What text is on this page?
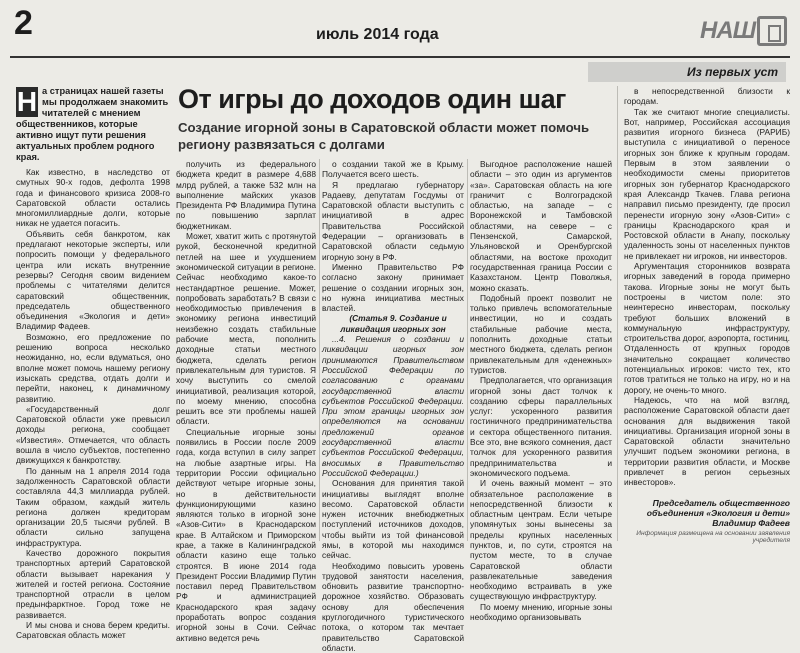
2	июль 2014 года	НАШ
Из первых уст
Н а страницах нашей газеты мы продолжаем знакомить читателей с мнением общественников, которые активно ищут пути решения актуальных проблем родного края.

Как известно, в наследство от смутных 90-х годов, дефолта 1998 года и финансового кризиса 2008-го Саратовской области остались многомиллиардные долги, которые никак не удается погасить.

Объявить себя банкротом, как предлагают некоторые эксперты, или попросить помощи у федерального центра или искать внутренние резервы? Сегодня своим видением проблемы с читателями делится саратовский общественник, председатель общественного объединения «Экология и дети» Владимир Фадеев.

Возможно, его предложение по решению вопроса несколько неожиданно, но, если вдуматься, оно вполне может помочь нашему региону изыскать средства, отдать долги и перейти, наконец, к динамичному развитию.

«Государственный долг Саратовской области уже превысил доходы региона, сообщает «Известия». Отмечается, что область вошла в число субъектов, постепенно движущихся к банкротству.

По данным на 1 апреля 2014 года задолженность Саратовской области составляла 44,3 миллиарда рублей. Таким образом, каждый житель региона должен кредиторам организации 20,5 тысячи рублей. В области сильно запущена инфраструктура.

Качество дорожного покрытия транспортных артерий Саратовской области вызывает нарекания у жителей и гостей региона. Состояние транспортной отрасли в целом предынфарктное. Город тоже не развивается.

И мы снова и снова берем кредиты. Саратовская область может

От игры до доходов один шаг
Создание игорной зоны в Саратовской области может помочь региону развязаться с долгами

получить из федерального бюджета кредит в размере 4,688 млрд рублей, а также 532 млн на выполнение майских указов Президента РФ Владимира Путина по повышению зарплат бюджетникам.

Может, хватит жить с протянутой рукой, бесконечной кредитной петлей на шее и ухудшением экономической ситуации в регионе. Сейчас необходимо какое-то нестандартное решение. Может, попробовать заработать? В связи с необходимостью привлечения в экономику региона инвестиций неизбежно создать стабильные рабочие места, пополнить доходные статьи местного бюджета, сделать регион привлекательным для туристов. Я хочу выступить со смелой инициативой, реализация которой, по моему мнению, способна решить все эти проблемы нашей области.

Специальные игорные зоны появились в России после 2009 года, когда вступил в силу запрет на любые азартные игры. На территории России официально действуют четыре игорные зоны, но в действительности функционирующими казино являются только в игорной зоне «Азов-Сити» в Краснодарском крае. В Алтайском и Приморском крае, а также в Калининградской области казино еще только строятся. В июне 2014 года Президент России Владимир Путин поставил перед Правительством РФ и администрацией Краснодарского края задачу проработать вопрос создания игорной зоны в Сочи. Сейчас активно ведется речь

о создании такой же в Крыму. Получается всего шесть.

Я предлагаю губернатору Радаеву, депутатам Госдумы от Саратовской области выступить с инициативой в адрес Правительства Российской Федерации – организовать в Саратовской области седьмую игорную зону в РФ.

Именно Правительство РФ согласно закону принимает решение о создании игорных зон, но нужна инициатива местных властей.

(Статья 9. Создание и ликвидация игорных зон

...4. Решения о создании и ликвидации игорных зон принимаются Правительством Российской Федерации по согласованию с органами государственной власти субъектов Российской Федерации. При этом границы игорных зон определяются на основании предложений органов государственной власти субъектов Российской Федерации, вносимых в Правительство Российской Федерации.)

Основания для принятия такой инициативы выглядят вполне весомо. Саратовской области нужен источник внебюджетных поступлений источников доходов, чтобы выйти из той финансовой ямы, в которой мы находимся сейчас.

Необходимо повысить уровень трудовой занятости населения, обновить развитие транспортно-дорожное хозяйство. Образовать основу для обеспечения круглогодичного туристического потока, о котором так мечтает правительство Саратовской области.

Выгодное расположение нашей области – это один из аргументов «за». Саратовская область на юге граничит с Волгоградской областью, на западе – с Воронежской и Тамбовской областями, на севере – с Пензенской, Самарской, Ульяновской и Оренбургской областями, на востоке проходит государственная граница России с Казахстаном. Центр Поволжья, можно сказать.

Подобный проект позволит не только привлечь вспомогательные инвестиции, но и создать стабильные рабочие места, пополнить доходные статьи местного бюджета, сделать регион привлекательным для «денежных» туристов.

Предполагается, что организация игорной зоны даст толчок к созданию сферы параллельных услуг: ускоренного развития гостиничного предпринимательства и сектора общественного питания. Все это, вне всякого сомнения, даст толчок для ускоренного развития предпринимательства и экономического подъема.

И очень важный момент – это обязательное расположение в непосредственной близости к областным центрам. Если четыре упомянутых зоны вынесены за пределы крупных населенных пунктов, и, по сути, строятся на пустом месте, то в случае Саратовской области развлекательные заведения необходимо встраивать в уже существующую инфраструктуру.

По моему мнению, игорные зоны необходимо организовывать

в непосредственной близости к городам.

Так же считают многие специалисты. Вот, например, Российская ассоциация развития игорного бизнеса (РАРИБ) выступила с инициативой о переносе игорных зон ближе к крупным городам. Первым в этом заявлении о необходимости смены приоритетов игорных зон губернатор Краснодарского края Александр Ткачев. Глава региона направил письмо президенту, где просил перенести игорную зону «Азов-Сити» с границы Краснодарского края и Ростовской области в Анапу, поскольку удаленность зоны от населенных пунктов не привлекает ни игроков, ни инвесторов.

Аргументация сторонников возврата игорных заведений в города примерно такова. Игорные зоны не могут быть построены в чистом поле: это неинтересно инвесторам, поскольку требуют больших вложений в коммунальную инфраструктуру, строительства дорог, аэропорта, гостиниц. Отдаленность от крупных городов значительно сокращает количество потенциальных игроков: чисто тех, кто готов тратиться не только на игру, но и на дорогу, не очень-то много.

Надеюсь, что на мой взгляд, расположение Саратовской области дает основания для выдвижения такой инициативы. Организация игорной зоны в Саратовской области значительно улучшит подъем экономики региона, в территории развития области, и Москве привлечет в регион серьезных инвесторов».

Председатель общественного объединения «Экология и дети»
Владимир Фадеев
Информация размещена на основании заявления учредителя
